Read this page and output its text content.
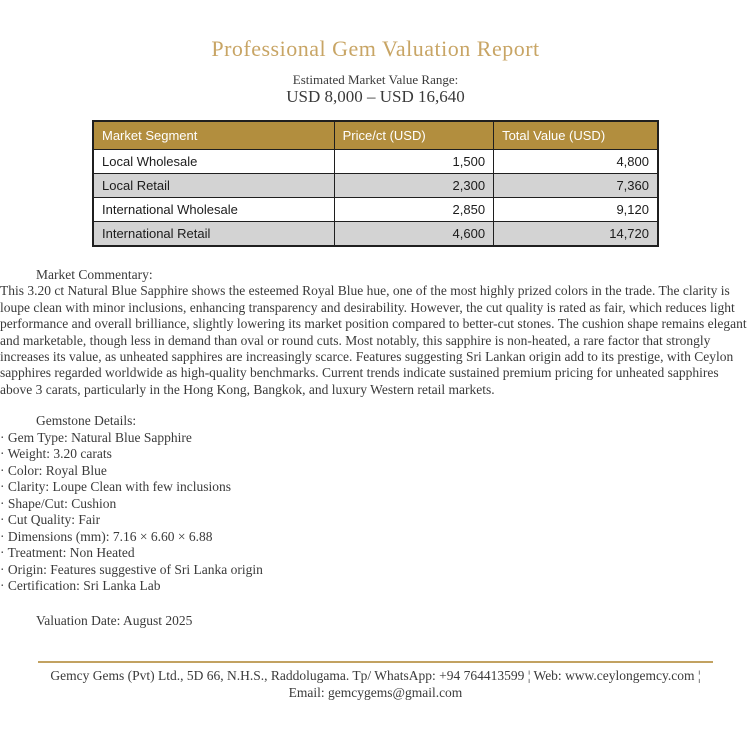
Professional Gem Valuation Report
Estimated Market Value Range:
USD 8,000 – USD 16,640
Market Segment	Price/ct (USD)	Total Value (USD)
Local Wholesale	1,500	4,800
Local Retail	2,300	7,360
International Wholesale	2,850	9,120
International Retail	4,600	14,720
Market Commentary:

This 3.20 ct Natural Blue Sapphire shows the esteemed Royal Blue hue, one of the most highly prized colors in the trade. The clarity is loupe clean with minor inclusions, enhancing transparency and desirability. However, the cut quality is rated as fair, which reduces light performance and overall brilliance, slightly lowering its market position compared to better-cut stones. The cushion shape remains elegant and marketable, though less in demand than oval or round cuts. Most notably, this sapphire is non-heated, a rare factor that strongly increases its value, as unheated sapphires are increasingly scarce. Features suggesting Sri Lankan origin add to its prestige, with Ceylon sapphires regarded worldwide as high-quality benchmarks. Current trends indicate sustained premium pricing for unheated sapphires above 3 carats, particularly in the Hong Kong, Bangkok, and luxury Western retail markets.

Gemstone Details:
· Gem Type: Natural Blue Sapphire
· Weight: 3.20 carats
· Color: Royal Blue
· Clarity: Loupe Clean with few inclusions
· Shape/Cut: Cushion
· Cut Quality: Fair
· Dimensions (mm): 7.16 × 6.60 × 6.88
· Treatment: Non Heated
· Origin: Features suggestive of Sri Lanka origin
· Certification: Sri Lanka Lab
Valuation Date: August 2025
Gemcy Gems (Pvt) Ltd., 5D 66, N.H.S., Raddolugama. Tp/ WhatsApp: +94 764413599 ¦ Web: www.ceylongemcy.com ¦
Email: gemcygems@gmail.com
